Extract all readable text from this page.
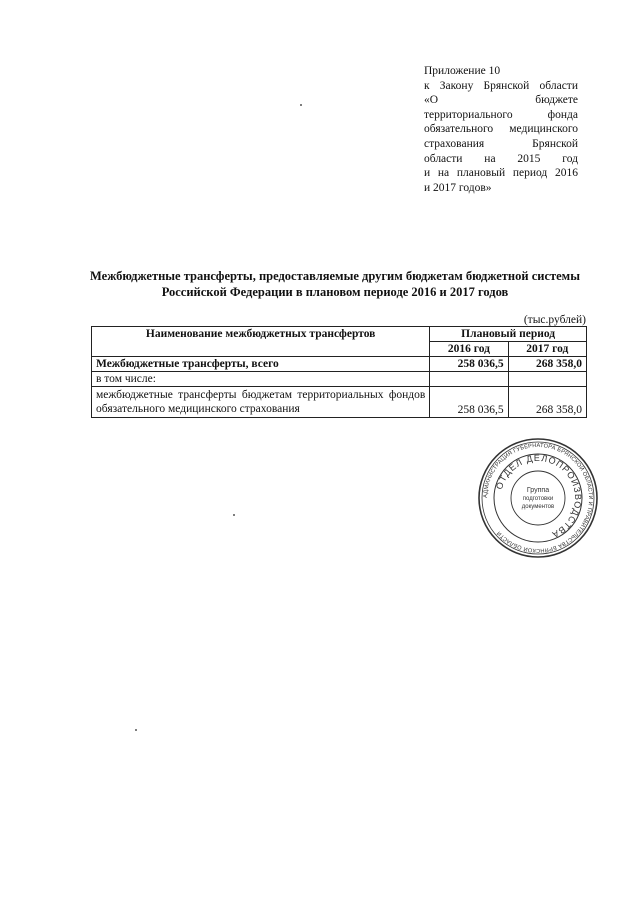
Приложение 10
к Закону Брянской области
«О бюджете
территориального фонда
обязательного медицинского
страхования Брянской
области на 2015 год
и на плановый период 2016
и 2017 годов»
Межбюджетные трансферты, предоставляемые другим бюджетам бюджетной системы
Российской Федерации в плановом периоде 2016 и 2017 годов
(тыс.рублей)
Наименование межбюджетных трансфертов	Плановый период	
	2016 год	2017 год
Межбюджетные трансферты, всего	258 036,5	268 358,0
в том числе:		
межбюджетные трансферты бюджетам территориальных фондов обязательного медицинского страхования	258 036,5	268 358,0
АДМИНИСТРАЦИЯ ГУБЕРНАТОРА БРЯНСКОЙ ОБЛАСТИ И ПРАВИТЕЛЬСТВА БРЯНСКОЙ ОБЛАСТИ
ОТДЕЛ ДЕЛОПРОИЗВОДСТВА
Группа
подготовки
документов
